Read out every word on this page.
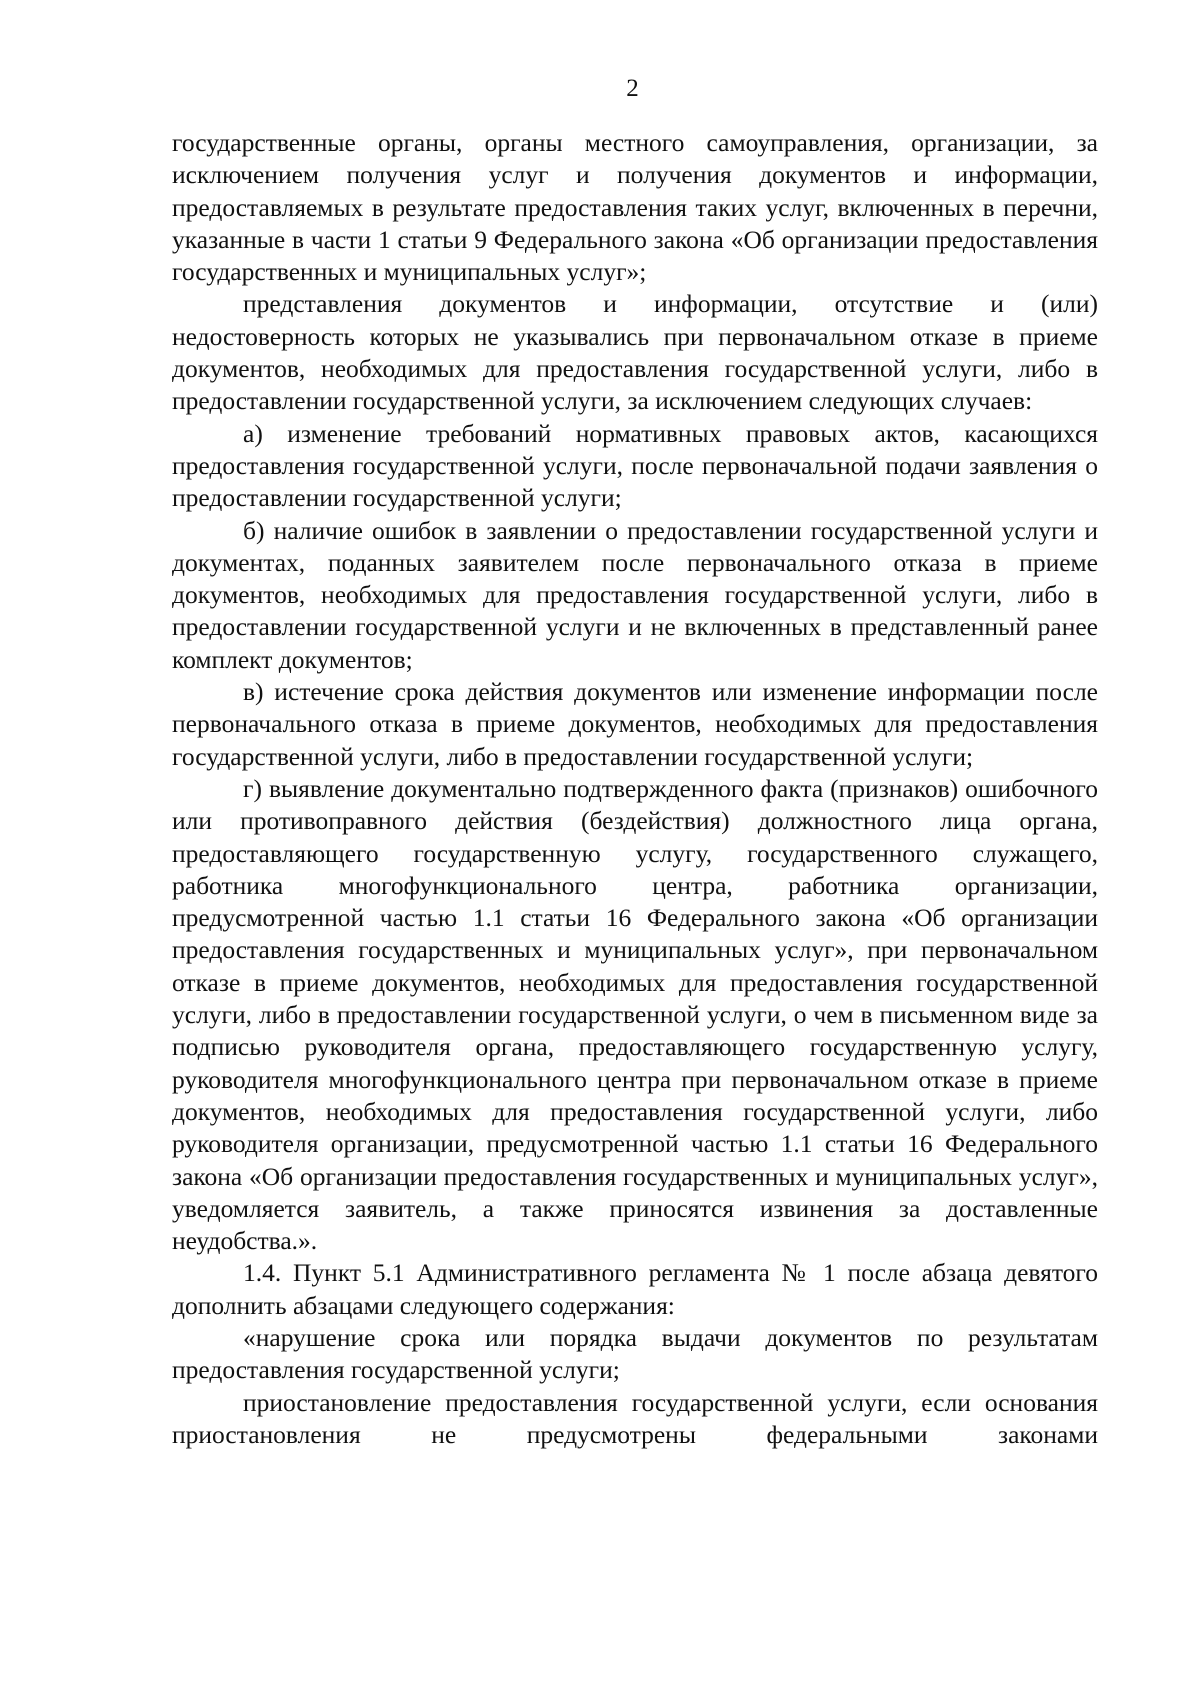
2

государственные органы, органы местного самоуправления, организации, за исключением получения услуг и получения документов и информации, предоставляемых в результате предоставления таких услуг, включенных в перечни, указанные в части 1 статьи 9 Федерального закона «Об организации предоставления государственных и муниципальных услуг»;

представления документов и информации, отсутствие и (или) недостоверность которых не указывались при первоначальном отказе в приеме документов, необходимых для предоставления государственной услуги, либо в предоставлении государственной услуги, за исключением следующих случаев:

а) изменение требований нормативных правовых актов, касающихся предоставления государственной услуги, после первоначальной подачи заявления о предоставлении государственной услуги;

б) наличие ошибок в заявлении о предоставлении государственной услуги и документах, поданных заявителем после первоначального отказа в приеме документов, необходимых для предоставления государственной услуги, либо в предоставлении государственной услуги и не включенных в представленный ранее комплект документов;

в) истечение срока действия документов или изменение информации после первоначального отказа в приеме документов, необходимых для предоставления государственной услуги, либо в предоставлении государственной услуги;

г) выявление документально подтвержденного факта (признаков) ошибочного или противоправного действия (бездействия) должностного лица органа, предоставляющего государственную услугу, государственного служащего, работника многофункционального центра, работника организации, предусмотренной частью 1.1 статьи 16 Федерального закона «Об организации предоставления государственных и муниципальных услуг», при первоначальном отказе в приеме документов, необходимых для предоставления государственной услуги, либо в предоставлении государственной услуги, о чем в письменном виде за подписью руководителя органа, предоставляющего государственную услугу, руководителя многофункционального центра при первоначальном отказе в приеме документов, необходимых для предоставления государственной услуги, либо руководителя организации, предусмотренной частью 1.1 статьи 16 Федерального закона «Об организации предоставления государственных и муниципальных услуг», уведомляется заявитель, а также приносятся извинения за доставленные неудобства.».

1.4. Пункт 5.1 Административного регламента № 1 после абзаца девятого дополнить абзацами следующего содержания:

«нарушение срока или порядка выдачи документов по результатам предоставления государственной услуги;

приостановление предоставления государственной услуги, если основания приостановления не предусмотрены федеральными законами
